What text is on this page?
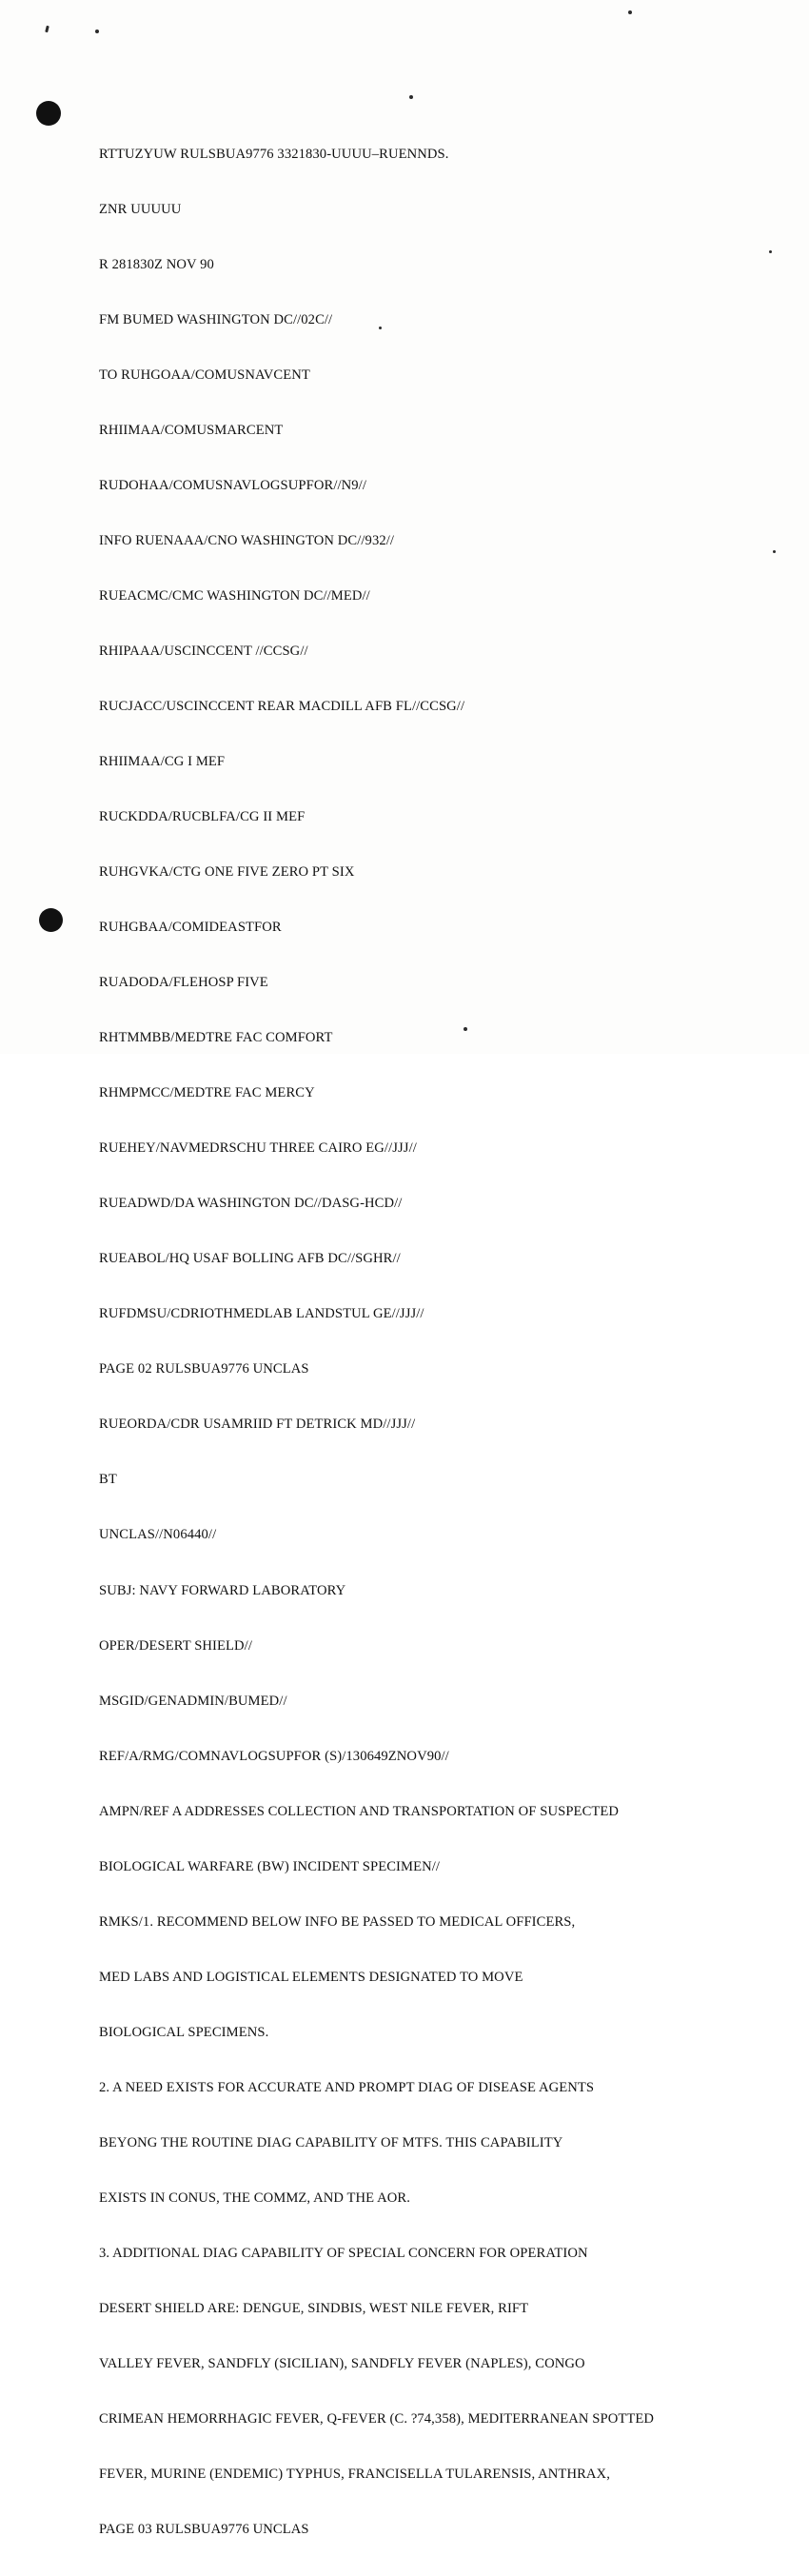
RTTUZYUW RULSBUA9776 3321830-UUUU–RUENNDS.

ZNR UUUUU

R 281830Z NOV 90

FM BUMED WASHINGTON DC//02C//

TO RUHGOAA/COMUSNAVCENT

RHIIMAA/COMUSMARCENT

RUDOHAA/COMUSNAVLOGSUPFOR//N9//

INFO RUENAAA/CNO WASHINGTON DC//932//

RUEACMC/CMC WASHINGTON DC//MED//

RHIPAAA/USCINCCENT //CCSG//

RUCJACC/USCINCCENT REAR MACDILL AFB FL//CCSG//

RHIIMAA/CG I MEF

RUCKDDA/RUCBLFA/CG II MEF

RUHGVKA/CTG ONE FIVE ZERO PT SIX

RUHGBAA/COMIDEASTFOR

RUADODA/FLEHOSP FIVE

RHTMMBB/MEDTRE FAC COMFORT

RHMPMCC/MEDTRE FAC MERCY

RUEHEY/NAVMEDRSCHU THREE CAIRO EG//JJJ//

RUEADWD/DA WASHINGTON DC//DASG-HCD//

RUEABOL/HQ USAF BOLLING AFB DC//SGHR//

RUFDMSU/CDRIOTHMEDLAB LANDSTUL GE//JJJ//

PAGE 02 RULSBUA9776 UNCLAS

RUEORDA/CDR USAMRIID FT DETRICK MD//JJJ//

BT

UNCLAS//N06440//

SUBJ: NAVY FORWARD LABORATORY

OPER/DESERT SHIELD//

MSGID/GENADMIN/BUMED//

REF/A/RMG/COMNAVLOGSUPFOR (S)/130649ZNOV90//

AMPN/REF A ADDRESSES COLLECTION AND TRANSPORTATION OF SUSPECTED

BIOLOGICAL WARFARE (BW) INCIDENT SPECIMEN//

RMKS/1. RECOMMEND BELOW INFO BE PASSED TO MEDICAL OFFICERS,

MED LABS AND LOGISTICAL ELEMENTS DESIGNATED TO MOVE

BIOLOGICAL SPECIMENS.

2. A NEED EXISTS FOR ACCURATE AND PROMPT DIAG OF DISEASE AGENTS

BEYONG THE ROUTINE DIAG CAPABILITY OF MTFS. THIS CAPABILITY

EXISTS IN CONUS, THE COMMZ, AND THE AOR.

3. ADDITIONAL DIAG CAPABILITY OF SPECIAL CONCERN FOR OPERATION

DESERT SHIELD ARE: DENGUE, SINDBIS, WEST NILE FEVER, RIFT

VALLEY FEVER, SANDFLY (SICILIAN), SANDFLY FEVER (NAPLES), CONGO

CRIMEAN HEMORRHAGIC FEVER, Q-FEVER (C. ?74,358), MEDITERRANEAN SPOTTED

FEVER, MURINE (ENDEMIC) TYPHUS, FRANCISELLA TULARENSIS, ANTHRAX,

PAGE 03 RULSBUA9776 UNCLAS
